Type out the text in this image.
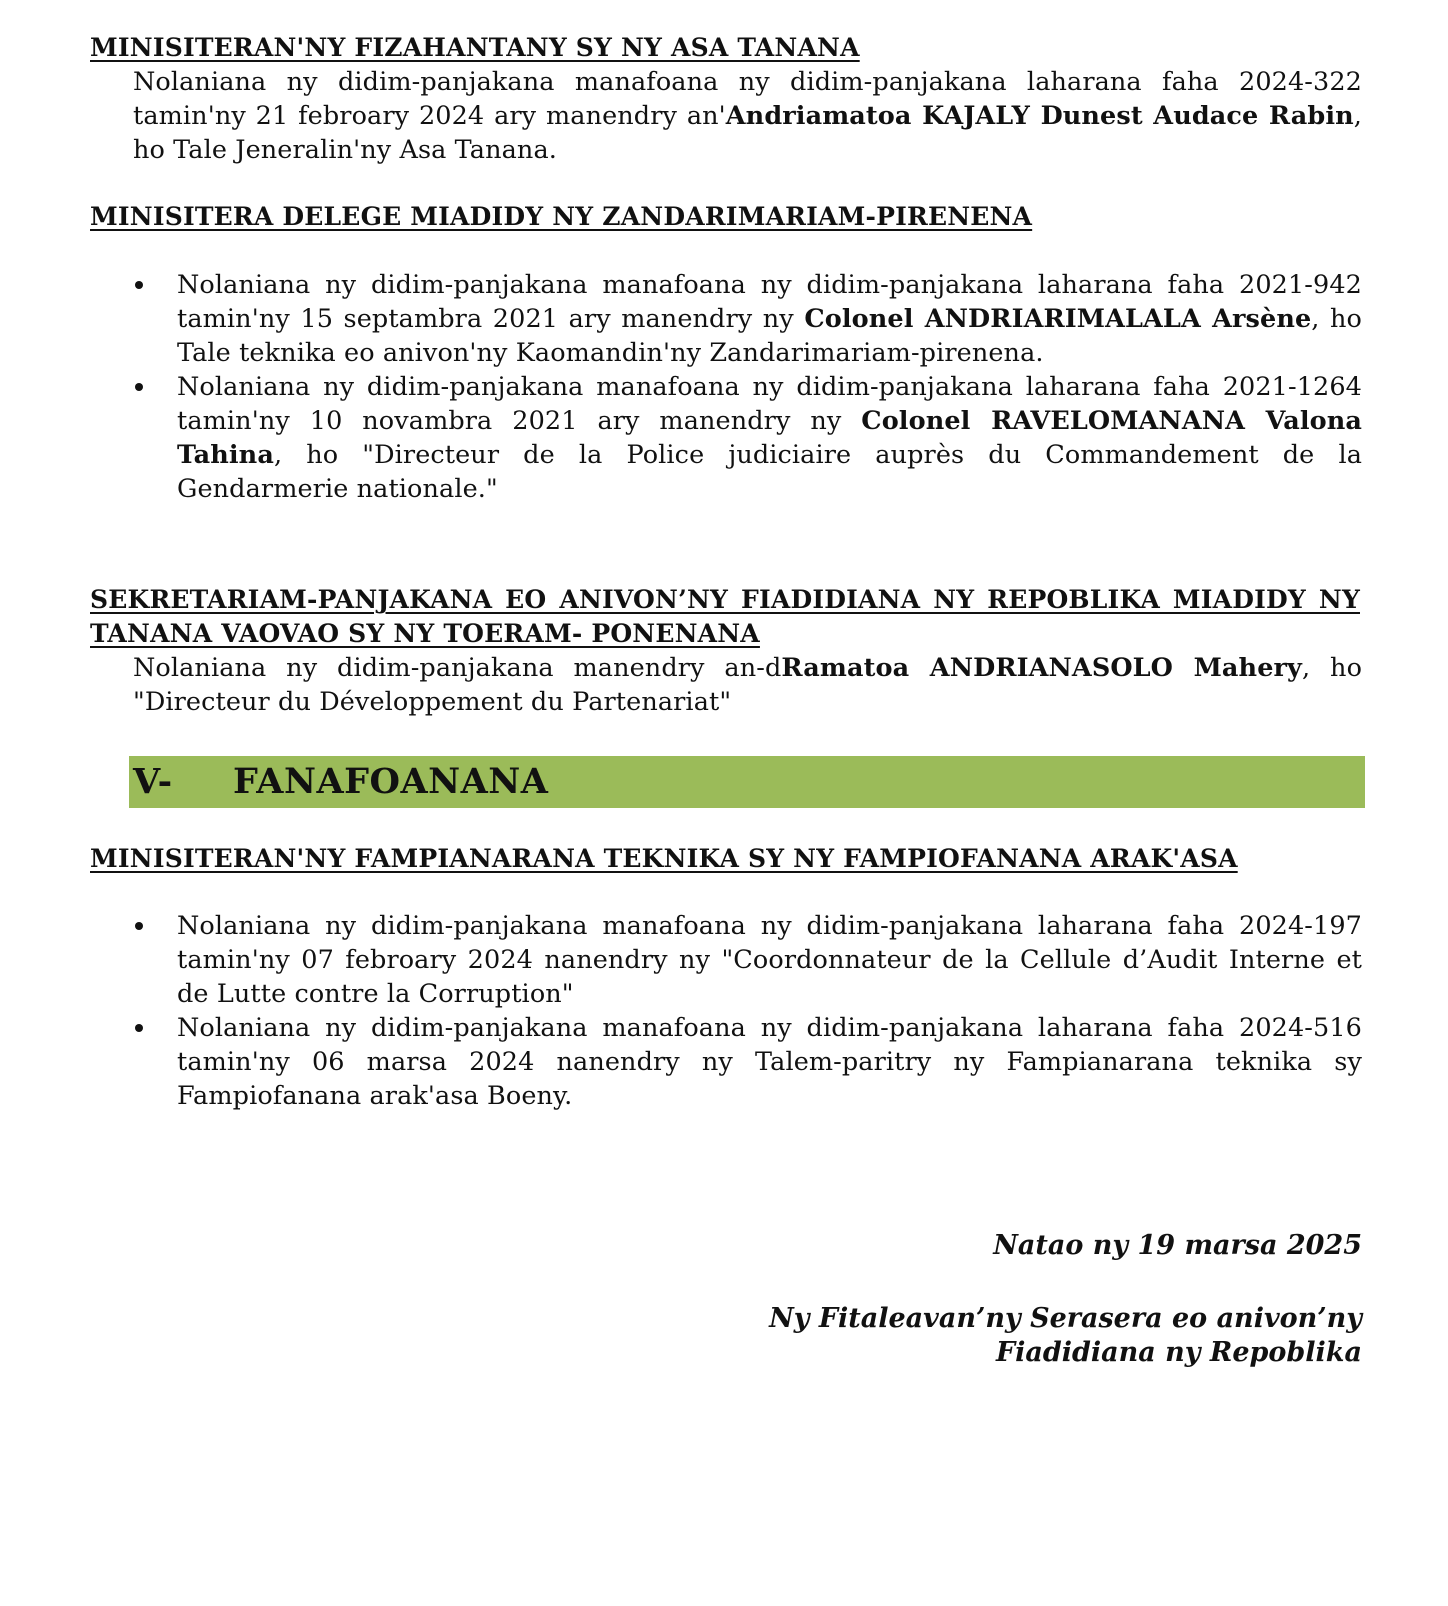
MINISITERAN'NY FIZAHANTANY SY NY ASA TANANA
Nolaniana ny didim-panjakana manafoana ny didim-panjakana laharana faha 2024-322 tamin'ny 21 febroary 2024 ary manendry an'Andriamatoa KAJALY Dunest Audace Rabin, ho Tale Jeneralin'ny Asa Tanana.
MINISITERA DELEGE MIADIDY NY ZANDARIMARIAM-PIRENENA
Nolaniana ny didim-panjakana manafoana ny didim-panjakana laharana faha 2021-942 tamin'ny 15 septambra 2021 ary manendry ny Colonel ANDRIARIMALALA Arsène, ho Tale teknika eo anivon'ny Kaomandin'ny Zandarimariam-pirenena.
Nolaniana ny didim-panjakana manafoana ny didim-panjakana laharana faha 2021-1264 tamin'ny 10 novambra 2021 ary manendry ny Colonel RAVELOMANANA Valona Tahina, ho "Directeur de la Police judiciaire auprès du Commandement de la Gendarmerie nationale."
SEKRETARIAM-PANJAKANA EO ANIVON’NY FIADIDIANA NY REPOBLIKA MIADIDY NY TANANA VAOVAO SY NY TOERAM- PONENANA
Nolaniana ny didim-panjakana manendry an-dRamatoa ANDRIANASOLO Mahery, ho "Directeur du Développement du Partenariat"
V- FANAFOANANA
MINISITERAN'NY FAMPIANARANA TEKNIKA SY NY FAMPIOFANANA ARAK'ASA
Nolaniana ny didim-panjakana manafoana ny didim-panjakana laharana faha 2024-197 tamin'ny 07 febroary 2024 nanendry ny "Coordonnateur de la Cellule d’Audit Interne et de Lutte contre la Corruption"
Nolaniana ny didim-panjakana manafoana ny didim-panjakana laharana faha 2024-516 tamin'ny 06 marsa 2024 nanendry ny Talem-paritry ny Fampianarana teknika sy Fampiofanana arak'asa Boeny.
Natao ny 19 marsa 2025
Ny Fitaleavan’ny Serasera eo anivon’ny
Fiadidiana ny Repoblika
